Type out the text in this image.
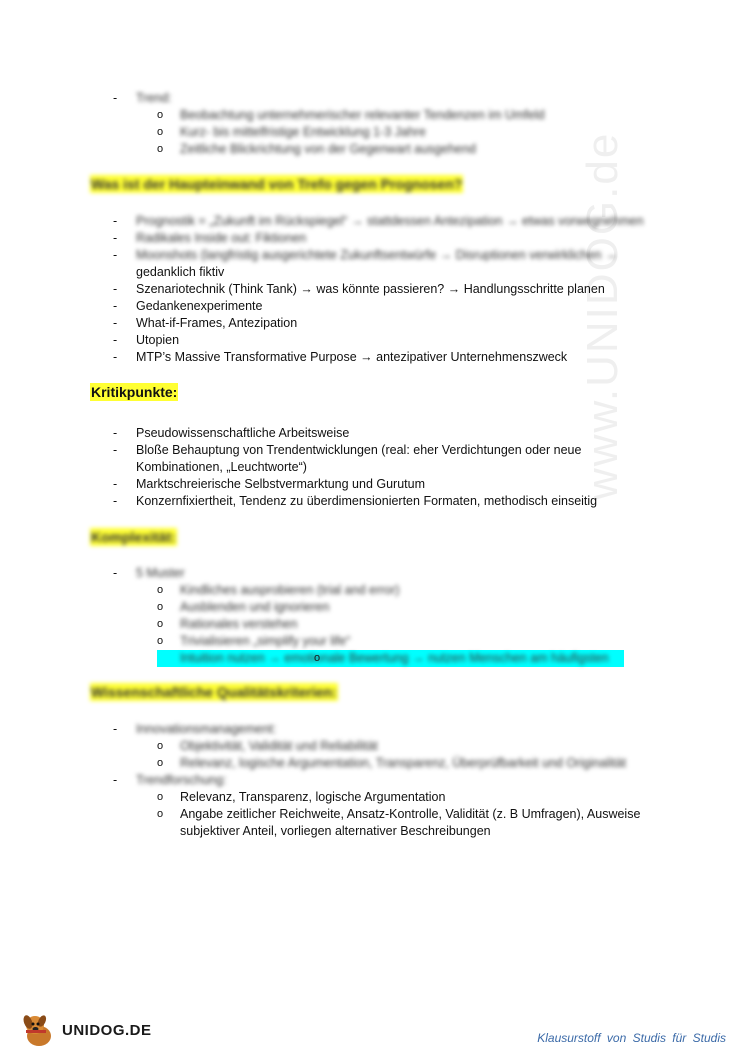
www.UNIDOG.de
- Trend:
o Beobachtung unternehmerischer relevanter Tendenzen im Umfeld
o Kurz- bis mittelfristige Entwicklung 1-3 Jahre
o Zeitliche Blickrichtung von der Gegenwart ausgehend
Was ist der Haupteinwand von Trefo gegen Prognosen?
- Prognostik = „Zukunft im Rückspiegel“ → stattdessen Antezipation → etwas vorwegnehmen
- Radikales Inside out: Fiktionen
- Moonshots (langfristig ausgerichtete Zukunftsentwürfe → Disruptionen verwirklichen →
gedanklich fiktiv
- Szenariotechnik (Think Tank) → was könnte passieren? → Handlungsschritte planen
- Gedankenexperimente
- What-if-Frames, Antezipation
- Utopien
- MTP’s Massive Transformative Purpose → antezipativer Unternehmenszweck
Kritikpunkte:
- Pseudowissenschaftliche Arbeitsweise
- Bloße Behauptung von Trendentwicklungen (real: eher Verdichtungen oder neue
Kombinationen, „Leuchtworte“)
- Marktschreierische Selbstvermarktung und Gurutum
- Konzernfixiertheit, Tendenz zu überdimensionierten Formaten, methodisch einseitig
Komplexität:
- 5 Muster
o Kindliches ausprobieren (trial and error)
o Ausblenden und ignorieren
o Rationales verstehen
o Trivialisieren „simplify your life“
o Intuition nutzen → emotionale Bewertung → nutzen Menschen am häufigsten
Wissenschaftliche Qualitätskriterien:
- Innovationsmanagement:
o Objektivität, Validität und Reliabilität
o Relevanz, logische Argumentation, Transparenz, Überprüfbarkeit und Originalität
- Trendforschung:
o Relevanz, Transparenz, logische Argumentation
o Angabe zeitlicher Reichweite, Ansatz-Kontrolle, Validität (z. B Umfragen), Ausweise
subjektiver Anteil, vorliegen alternativer Beschreibungen
UNIDOG.DE	Klausurstoff von Studis für Studis
